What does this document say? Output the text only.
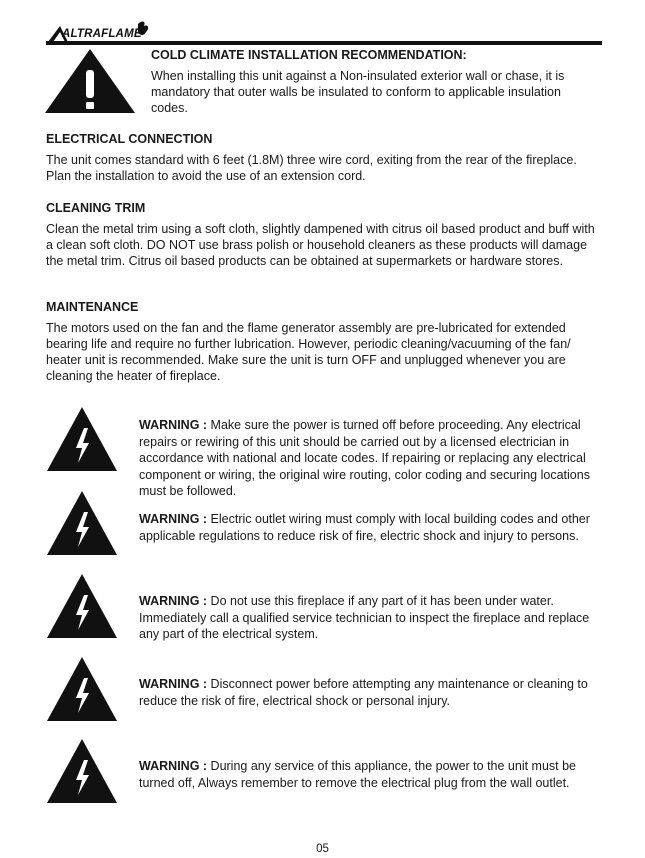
ALTRAFLAME
COLD CLIMATE INSTALLATION RECOMMENDATION:
When installing this unit against a Non-insulated exterior wall or chase, it is mandatory that outer walls be insulated to conform to applicable insulation codes.
ELECTRICAL CONNECTION
The unit comes standard with 6 feet (1.8M) three wire cord, exiting from the rear of the fireplace. Plan the installation to avoid the use of an extension cord.
CLEANING TRIM
Clean the metal trim using a soft cloth, slightly dampened with citrus oil based product and buff with a clean soft cloth. DO NOT use brass polish or household cleaners as these products will damage the metal trim. Citrus oil based products can be obtained at supermarkets or hardware stores.
MAINTENANCE
The motors used on the fan and the flame generator assembly are pre-lubricated for extended bearing life and require no further lubrication. However, periodic cleaning/vacuuming of the fan/ heater unit is recommended. Make sure the unit is turn OFF and unplugged whenever you are cleaning the heater of fireplace.
WARNING : Make sure the power is turned off before proceeding. Any electrical repairs or rewiring of this unit should be carried out by a licensed electrician in accordance with national and locate codes. If repairing or replacing any electrical component or wiring, the original wire routing, color coding and securing locations must be followed.
WARNING : Electric outlet wiring must comply with local building codes and other applicable regulations to reduce risk of fire, electric shock and injury to persons.
WARNING : Do not use this fireplace if any part of it has been under water. Immediately call a qualified service technician to inspect the fireplace and replace any part of the electrical system.
WARNING : Disconnect power before attempting any maintenance or cleaning to reduce the risk of fire, electrical shock or personal injury.
WARNING : During any service of this appliance, the power to the unit must be turned off, Always remember to remove the electrical plug from the wall outlet.
05
